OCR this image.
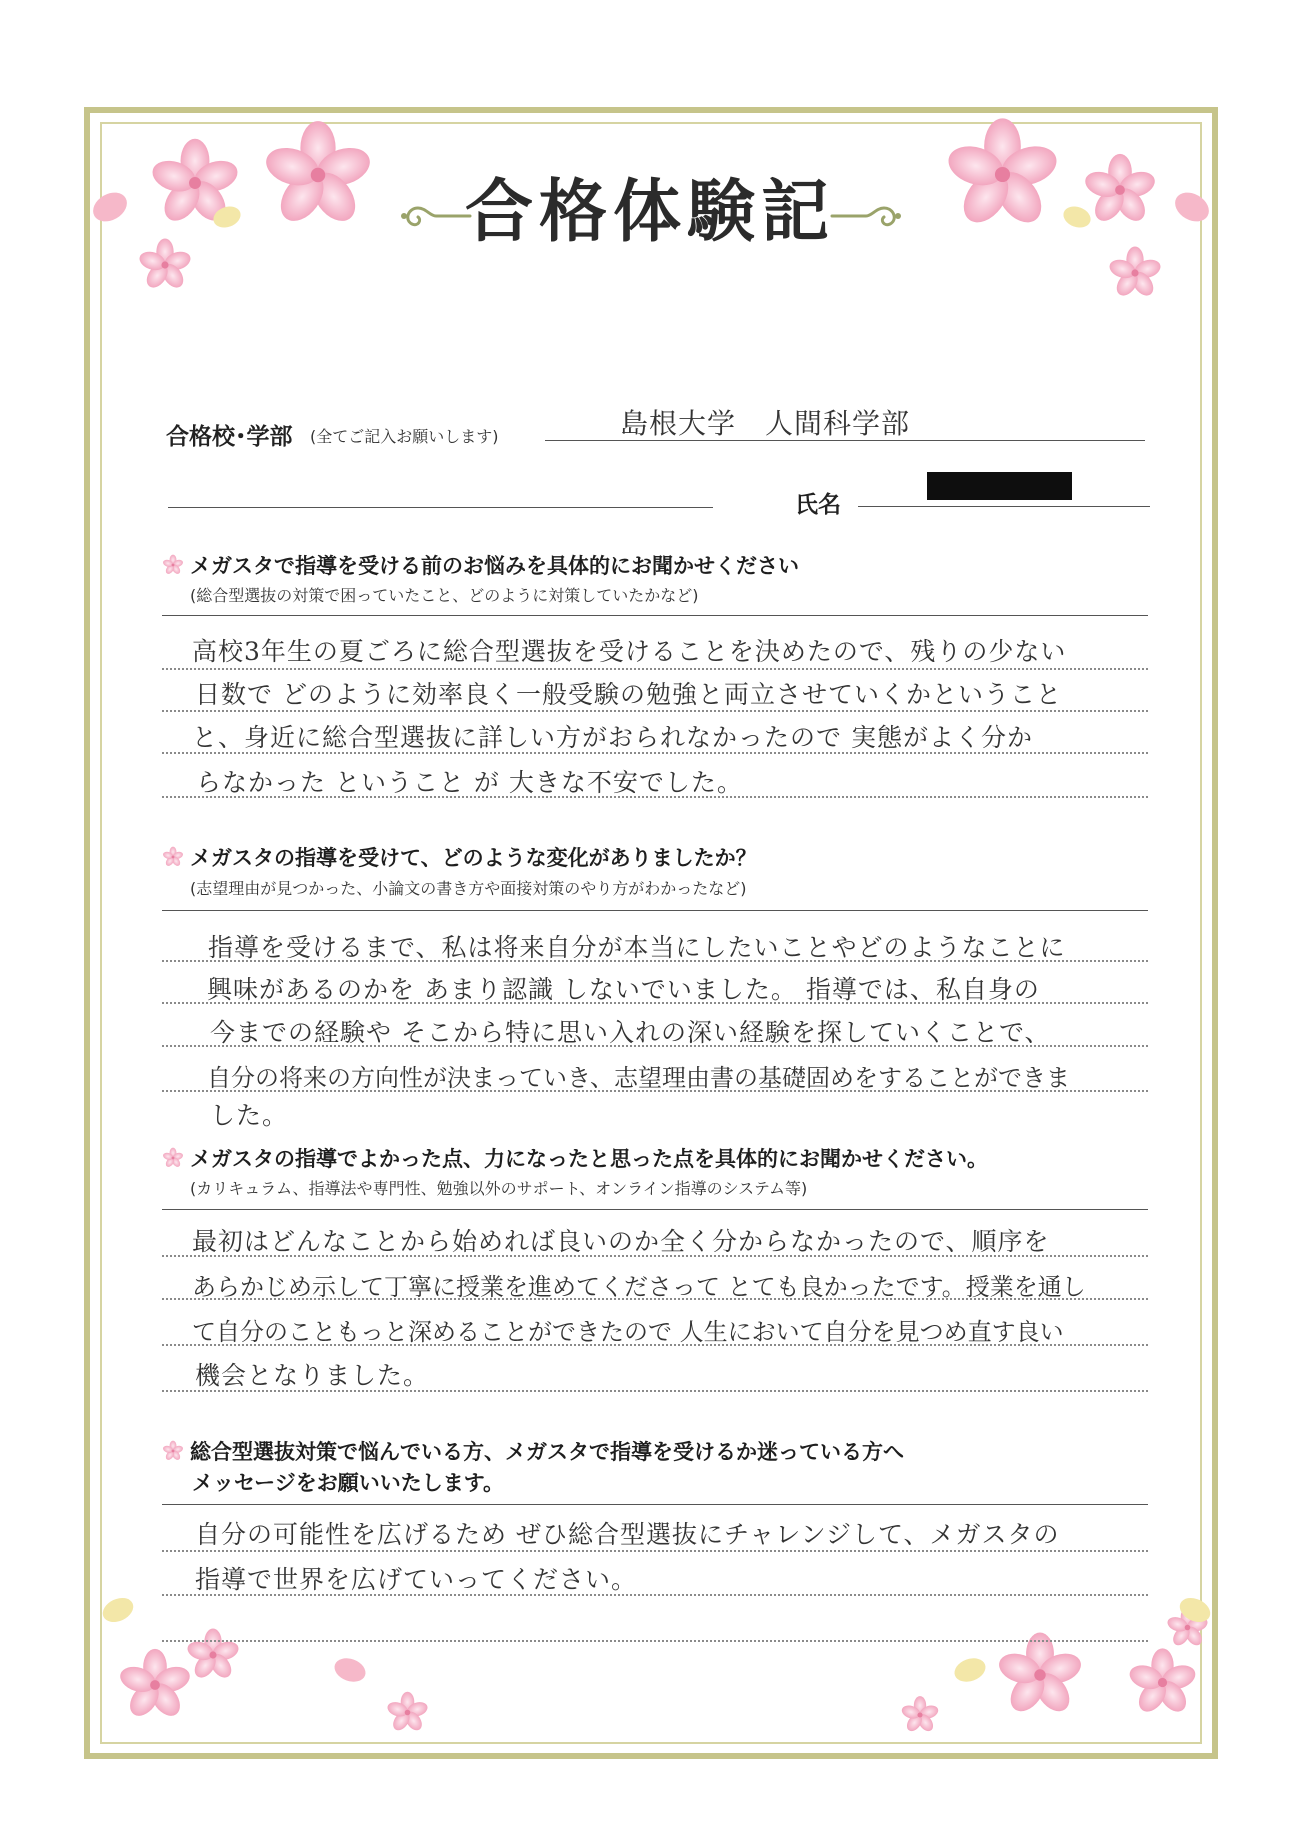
合格体験記
合格校･学部 (全てご記入お願いします)	島根大学　人間科学部
氏名
メガスタで指導を受ける前のお悩みを具体的にお聞かせください
(総合型選抜の対策で困っていたこと、どのように対策していたかなど)
高校3年生の夏ごろに総合型選抜を受けることを決めたので、残りの少ない
日数で どのように効率良く一般受験の勉強と両立させていくかということ
と、身近に総合型選抜に詳しい方がおられなかったので 実態がよく分か
らなかった ということ が 大きな不安でした。
メガスタの指導を受けて、どのような変化がありましたか？
(志望理由が見つかった、小論文の書き方や面接対策のやり方がわかったなど)
指導を受けるまで、私は将来自分が本当にしたいことやどのようなことに
興味があるのかを あまり認識 しないでいました。 指導では、私自身の
今までの経験や そこから特に思い入れの深い経験を探していくことで、
自分の将来の方向性が決まっていき、志望理由書の基礎固めをすることができま
した。
メガスタの指導でよかった点、力になったと思った点を具体的にお聞かせください。
(カリキュラム、指導法や専門性、勉強以外のサポート、オンライン指導のシステム等)
最初はどんなことから始めれば良いのか全く分からなかったので、順序を
あらかじめ示して丁寧に授業を進めてくださって とても良かったです。授業を通し
て自分のこともっと深めることができたので 人生において自分を見つめ直す良い
機会となりました。
総合型選抜対策で悩んでいる方、メガスタで指導を受けるか迷っている方へ
メッセージをお願いいたします。
自分の可能性を広げるため ぜひ総合型選抜にチャレンジして、メガスタの
指導で世界を広げていってください。
